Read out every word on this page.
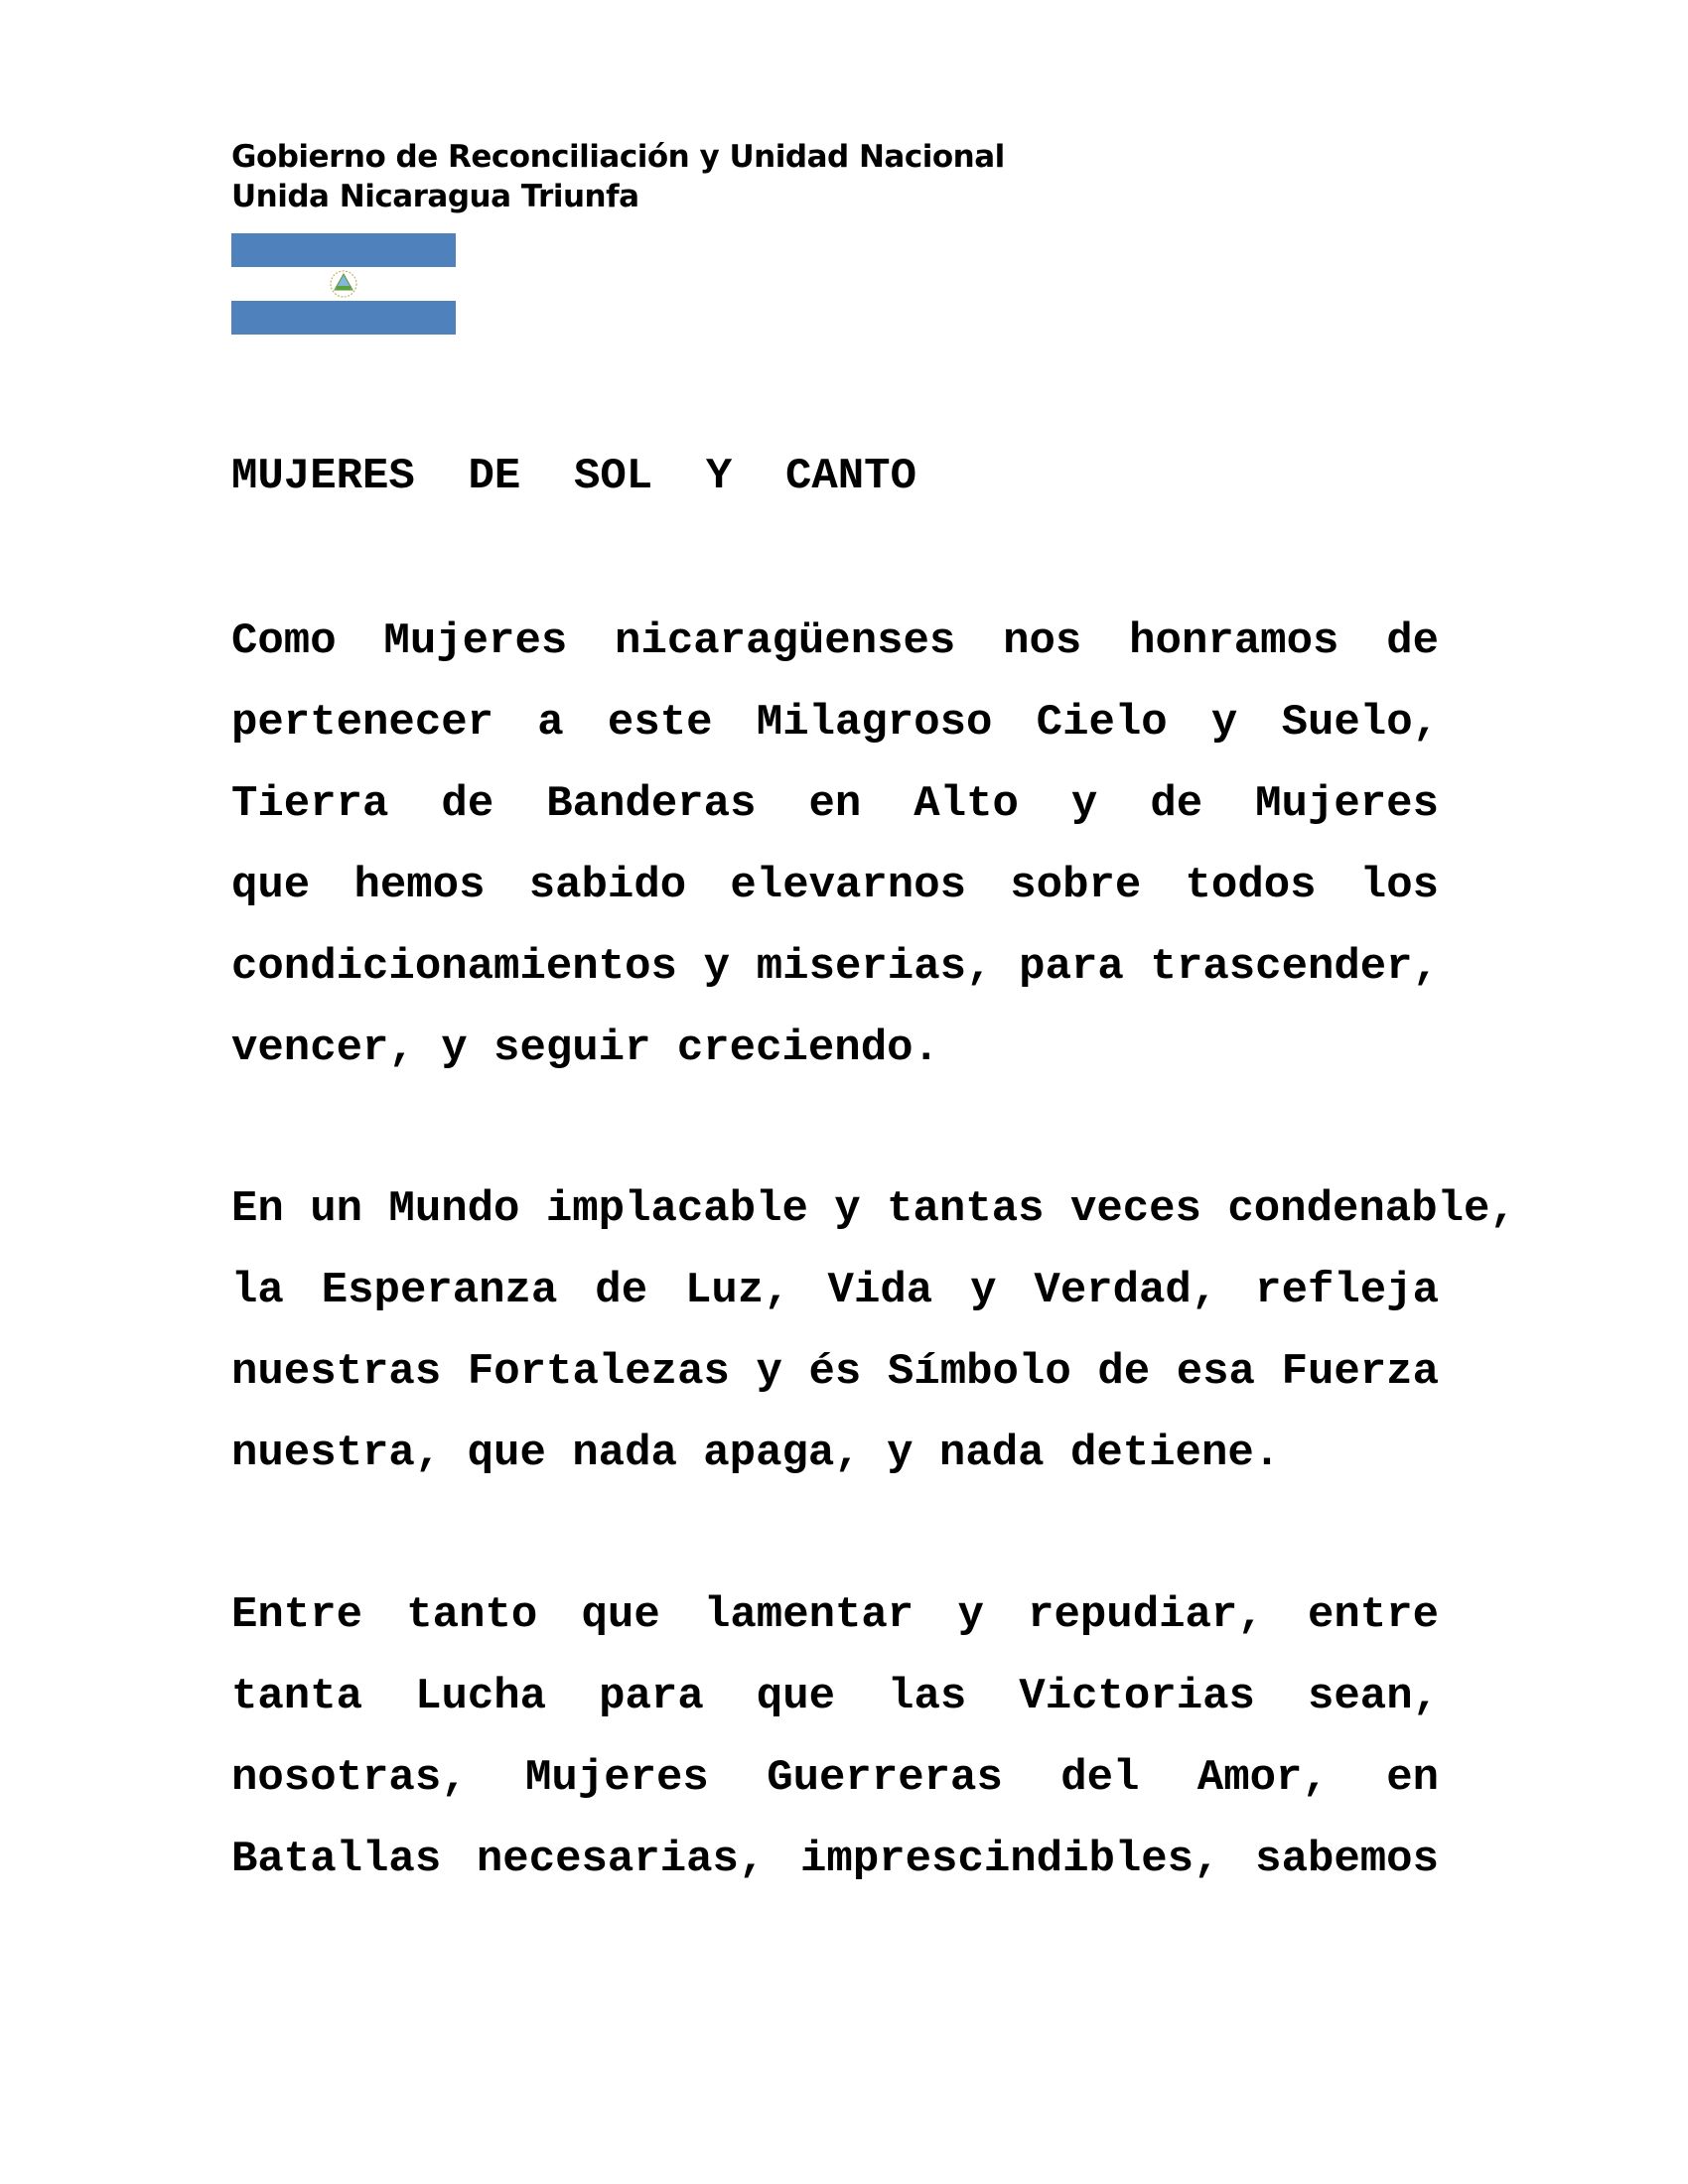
Gobierno de Reconciliación y Unidad Nacional
Unida Nicaragua Triunfa
MUJERES DE SOL Y CANTO
Como Mujeres nicaragüenses nos honramos de
pertenecer a este Milagroso Cielo y Suelo,
Tierra de Banderas en Alto y de Mujeres
que hemos sabido elevarnos sobre todos los
condicionamientos y miserias, para trascender,
vencer, y seguir creciendo.
En un Mundo implacable y tantas veces condenable,
la Esperanza de Luz, Vida y Verdad, refleja
nuestras Fortalezas y és Símbolo de esa Fuerza
nuestra, que nada apaga, y nada detiene.
Entre tanto que lamentar y repudiar, entre
tanta Lucha para que las Victorias sean,
nosotras, Mujeres Guerreras del Amor, en
Batallas necesarias, imprescindibles, sabemos
